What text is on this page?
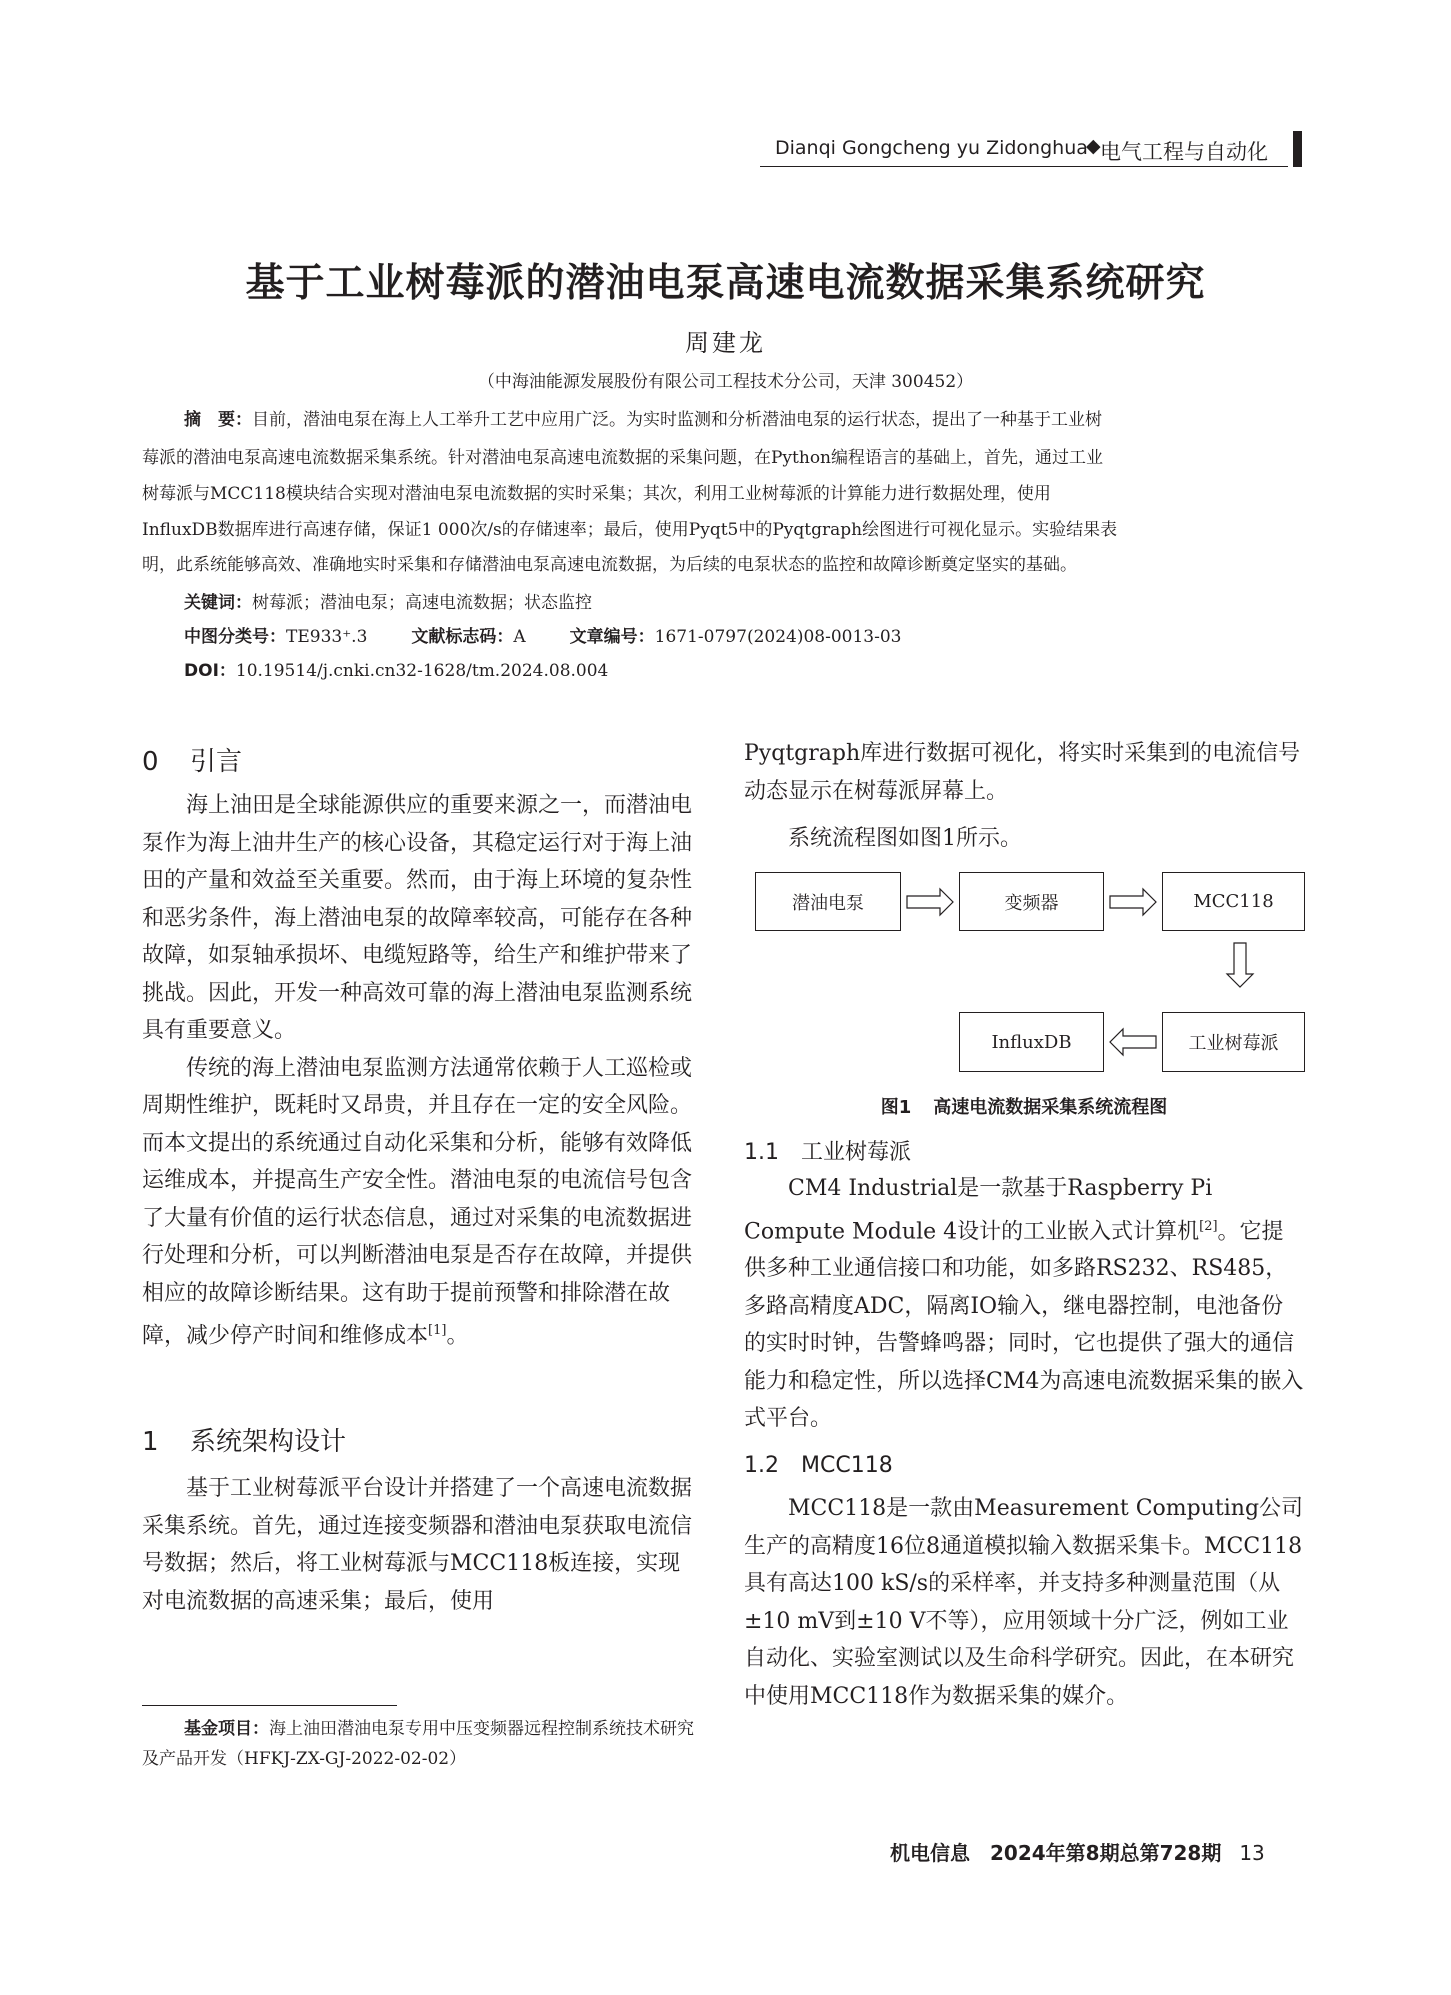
Dianqi Gongcheng yu Zidonghua
◆ 电气工程与自动化
基于工业树莓派的潜油电泵高速电流数据采集系统研究
周建龙
（中海油能源发展股份有限公司工程技术分公司，天津 300452）
摘　要：目前，潜油电泵在海上人工举升工艺中应用广泛。为实时监测和分析潜油电泵的运行状态，提出了一种基于工业树
莓派的潜油电泵高速电流数据采集系统。针对潜油电泵高速电流数据的采集问题，在Python编程语言的基础上，首先，通过工业
树莓派与MCC118模块结合实现对潜油电泵电流数据的实时采集；其次，利用工业树莓派的计算能力进行数据处理，使用
InfluxDB数据库进行高速存储，保证1 000次/s的存储速率；最后，使用Pyqt5中的Pyqtgraph绘图进行可视化显示。实验结果表
明，此系统能够高效、准确地实时采集和存储潜油电泵高速电流数据，为后续的电泵状态的监控和故障诊断奠定坚实的基础。
关键词：树莓派；潜油电泵；高速电流数据；状态监控
中图分类号：TE933⁺.3	文献标志码：A	文章编号：1671-0797(2024)08-0013-03
DOI：10.19514/j.cnki.cn32-1628/tm.2024.08.004
0 引言

海上油田是全球能源供应的重要来源之一，而潜油电泵作为海上油井生产的核心设备，其稳定运行对于海上油田的产量和效益至关重要。然而，由于海上环境的复杂性和恶劣条件，海上潜油电泵的故障率较高，可能存在各种故障，如泵轴承损坏、电缆短路等，给生产和维护带来了挑战。因此，开发一种高效可靠的海上潜油电泵监测系统具有重要意义。

传统的海上潜油电泵监测方法通常依赖于人工巡检或周期性维护，既耗时又昂贵，并且存在一定的安全风险。而本文提出的系统通过自动化采集和分析，能够有效降低运维成本，并提高生产安全性。潜油电泵的电流信号包含了大量有价值的运行状态信息，通过对采集的电流数据进行处理和分析，可以判断潜油电泵是否存在故障，并提供相应的故障诊断结果。这有助于提前预警和排除潜在故障，减少停产时间和维修成本[1]。

1 系统架构设计

基于工业树莓派平台设计并搭建了一个高速电流数据采集系统。首先，通过连接变频器和潜油电泵获取电流信号数据；然后，将工业树莓派与MCC118板连接，实现对电流数据的高速采集；最后，使用

基金项目：海上油田潜油电泵专用中压变频器远程控制系统技术研究及产品开发（HFKJ-ZX-GJ-2022-02-02）

Pyqtgraph库进行数据可视化，将实时采集到的电流信号动态显示在树莓派屏幕上。

系统流程图如图1所示。

潜油电泵	变频器	MCC118
工业树莓派
InfluxDB
图1 高速电流数据采集系统流程图
1.1 工业树莓派

CM4 Industrial是一款基于Raspberry Pi Compute Module 4设计的工业嵌入式计算机[2]。它提供多种工业通信接口和功能，如多路RS232、RS485，多路高精度ADC，隔离IO输入，继电器控制，电池备份的实时时钟，告警蜂鸣器；同时，它也提供了强大的通信能力和稳定性，所以选择CM4为高速电流数据采集的嵌入式平台。

1.2 MCC118

MCC118是一款由Measurement Computing公司生产的高精度16位8通道模拟输入数据采集卡。MCC118具有高达100 kS/s的采样率，并支持多种测量范围（从±10 mV到±10 V不等），应用领域十分广泛，例如工业自动化、实验室测试以及生命科学研究。因此，在本研究中使用MCC118作为数据采集的媒介。

机电信息 2024年第8期总第728期 13
